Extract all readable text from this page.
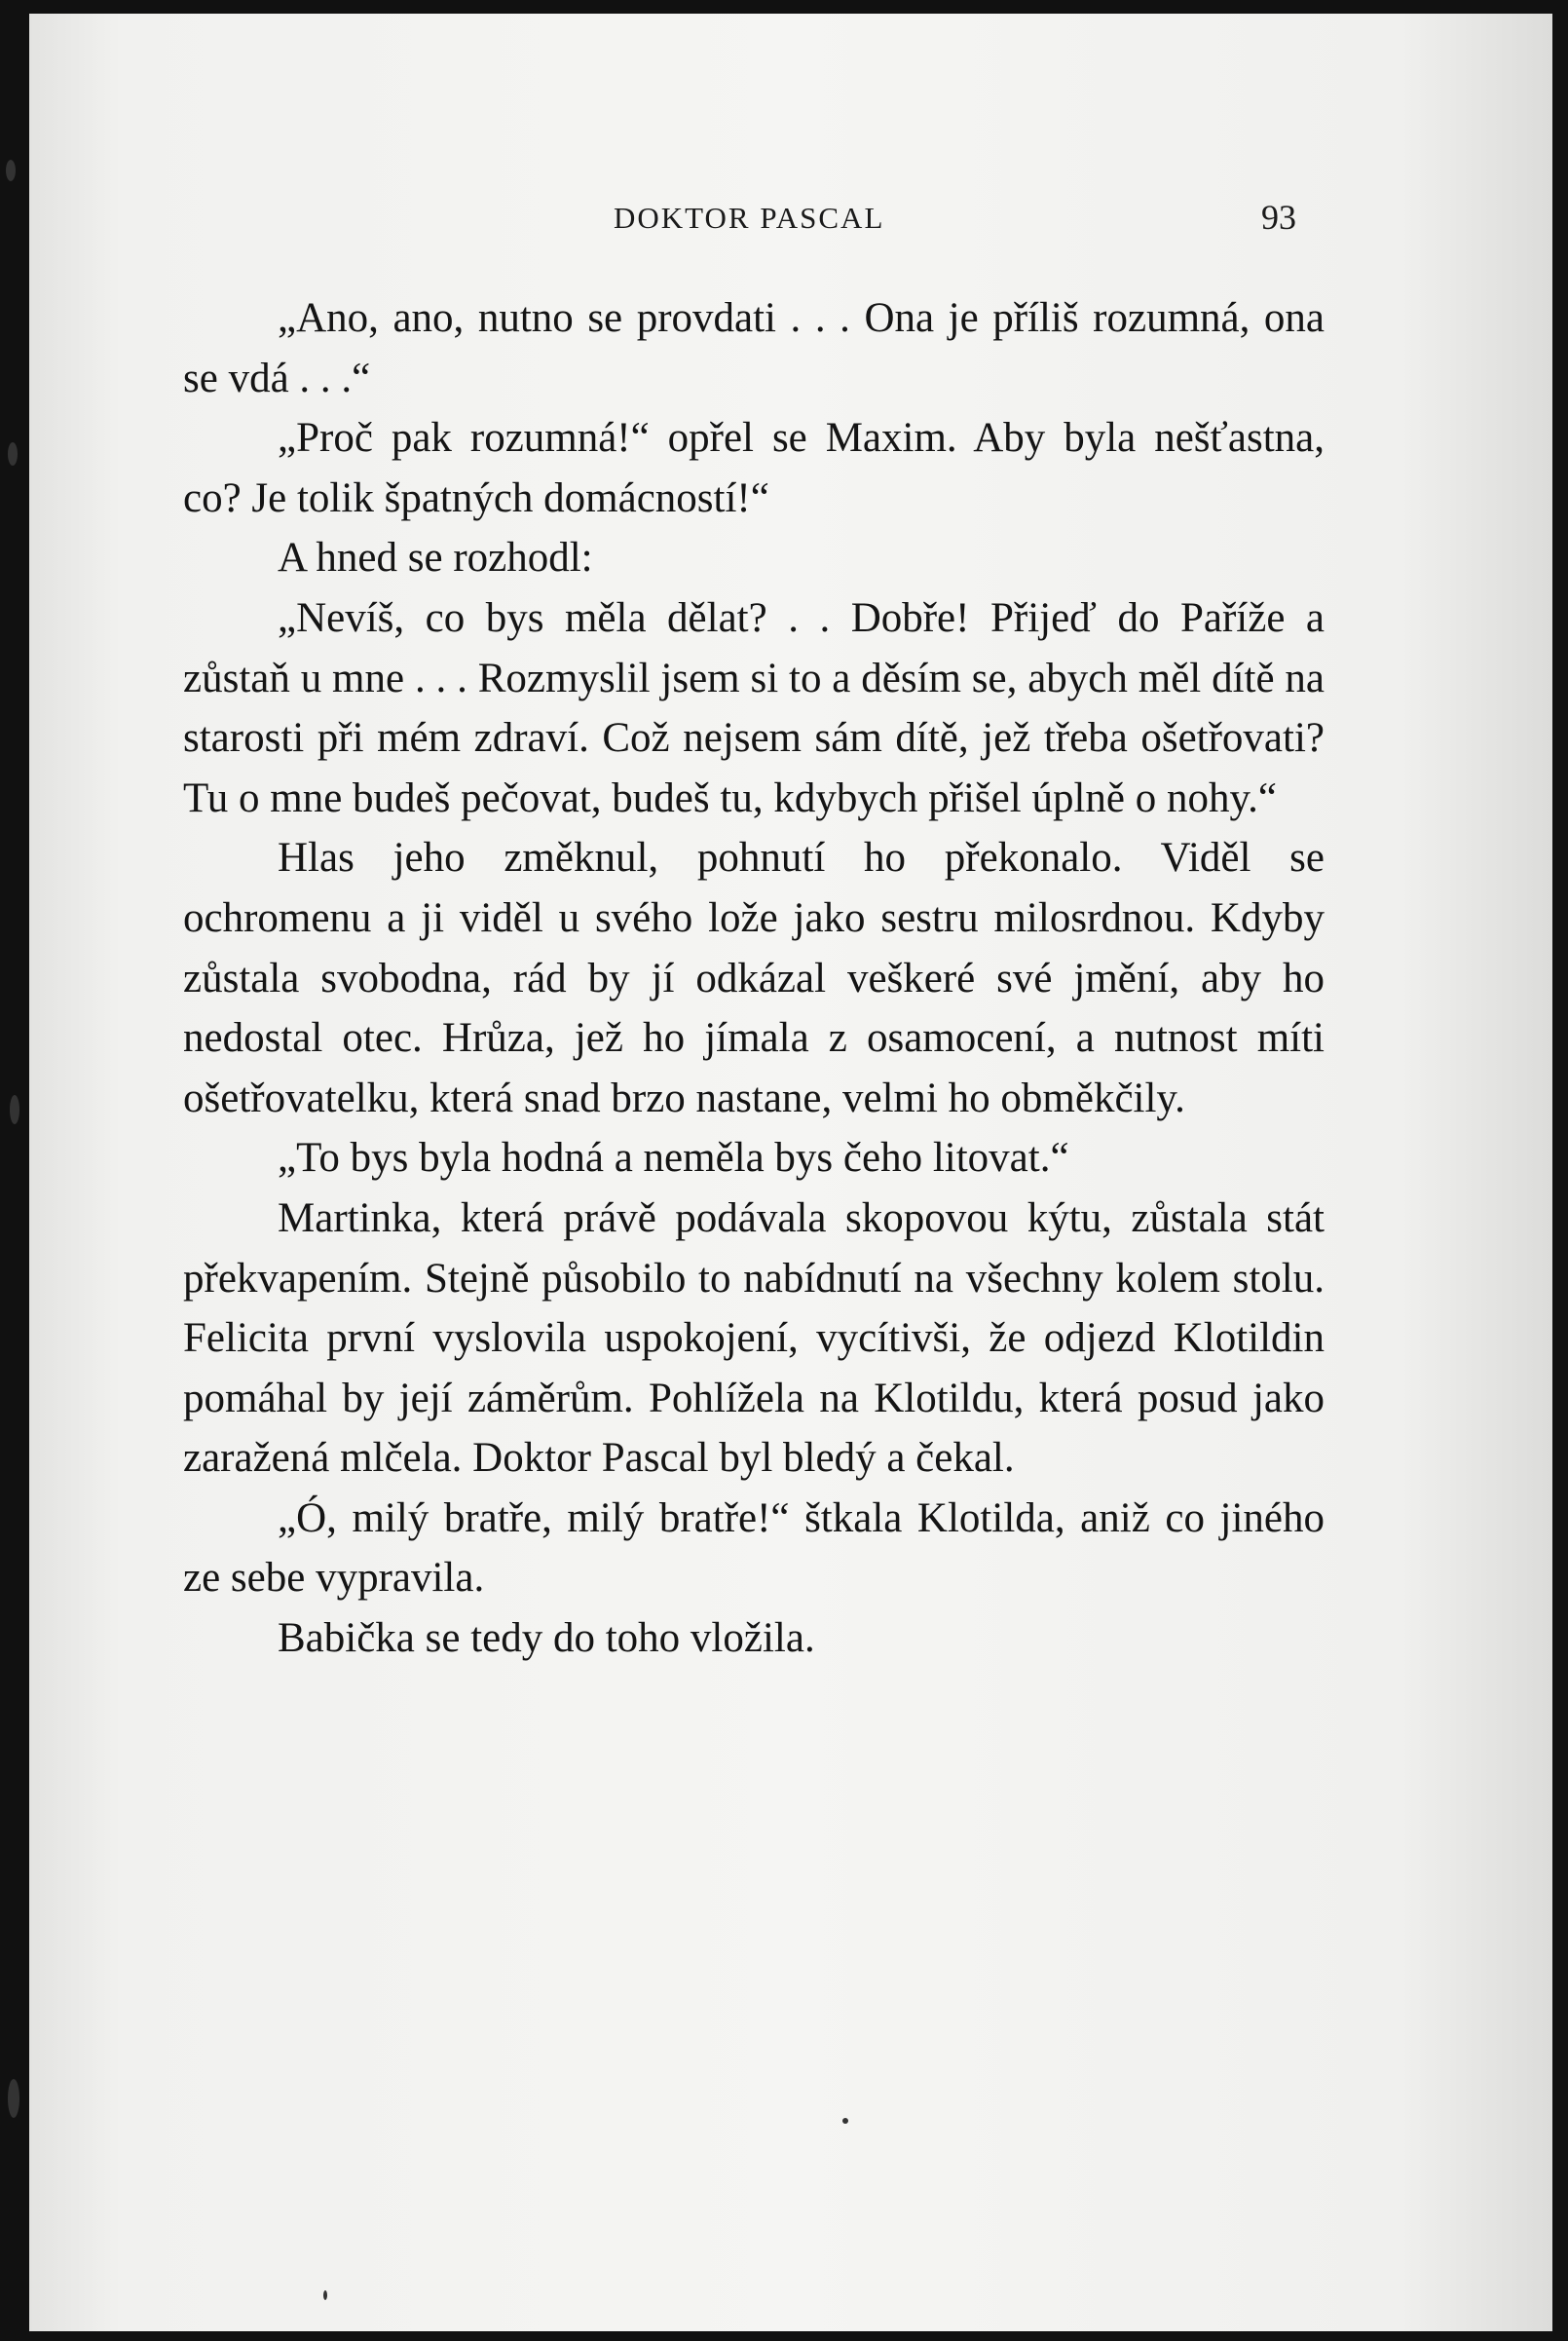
DOKTOR PASCAL	93

„Ano, ano, nutno se provdati . . . Ona je příliš rozumná, ona se vdá . . .“

„Proč pak rozumná!“ opřel se Maxim. Aby byla nešťastna, co? Je tolik špatných domácností!“

A hned se rozhodl:

„Nevíš, co bys měla dělat? . . Dobře! Přijeď do Paříže a zůstaň u mne . . . Rozmyslil jsem si to a děsím se, abych měl dítě na starosti při mém zdraví. Což nejsem sám dítě, jež třeba ošetřovati? Tu o mne budeš pečovat, budeš tu, kdybych přišel úplně o nohy.“

Hlas jeho změknul, pohnutí ho překonalo. Viděl se ochromenu a ji viděl u svého lože jako sestru milosrdnou. Kdyby zůstala svobodna, rád by jí odkázal veškeré své jmění, aby ho nedostal otec. Hrůza, jež ho jímala z osamocení, a nutnost míti ošetřovatelku, která snad brzo nastane, velmi ho obměkčily.

„To bys byla hodná a neměla bys čeho litovat.“

Martinka, která právě podávala skopovou kýtu, zůstala stát překvapením. Stejně působilo to nabídnutí na všechny kolem stolu. Felicita první vyslovila uspokojení, vycítivši, že odjezd Klotildin pomáhal by její záměrům. Pohlížela na Klotildu, která posud jako zaražená mlčela. Doktor Pascal byl bledý a čekal.

„Ó, milý bratře, milý bratře!“ štkala Klotilda, aniž co jiného ze sebe vypravila.

Babička se tedy do toho vložila.
